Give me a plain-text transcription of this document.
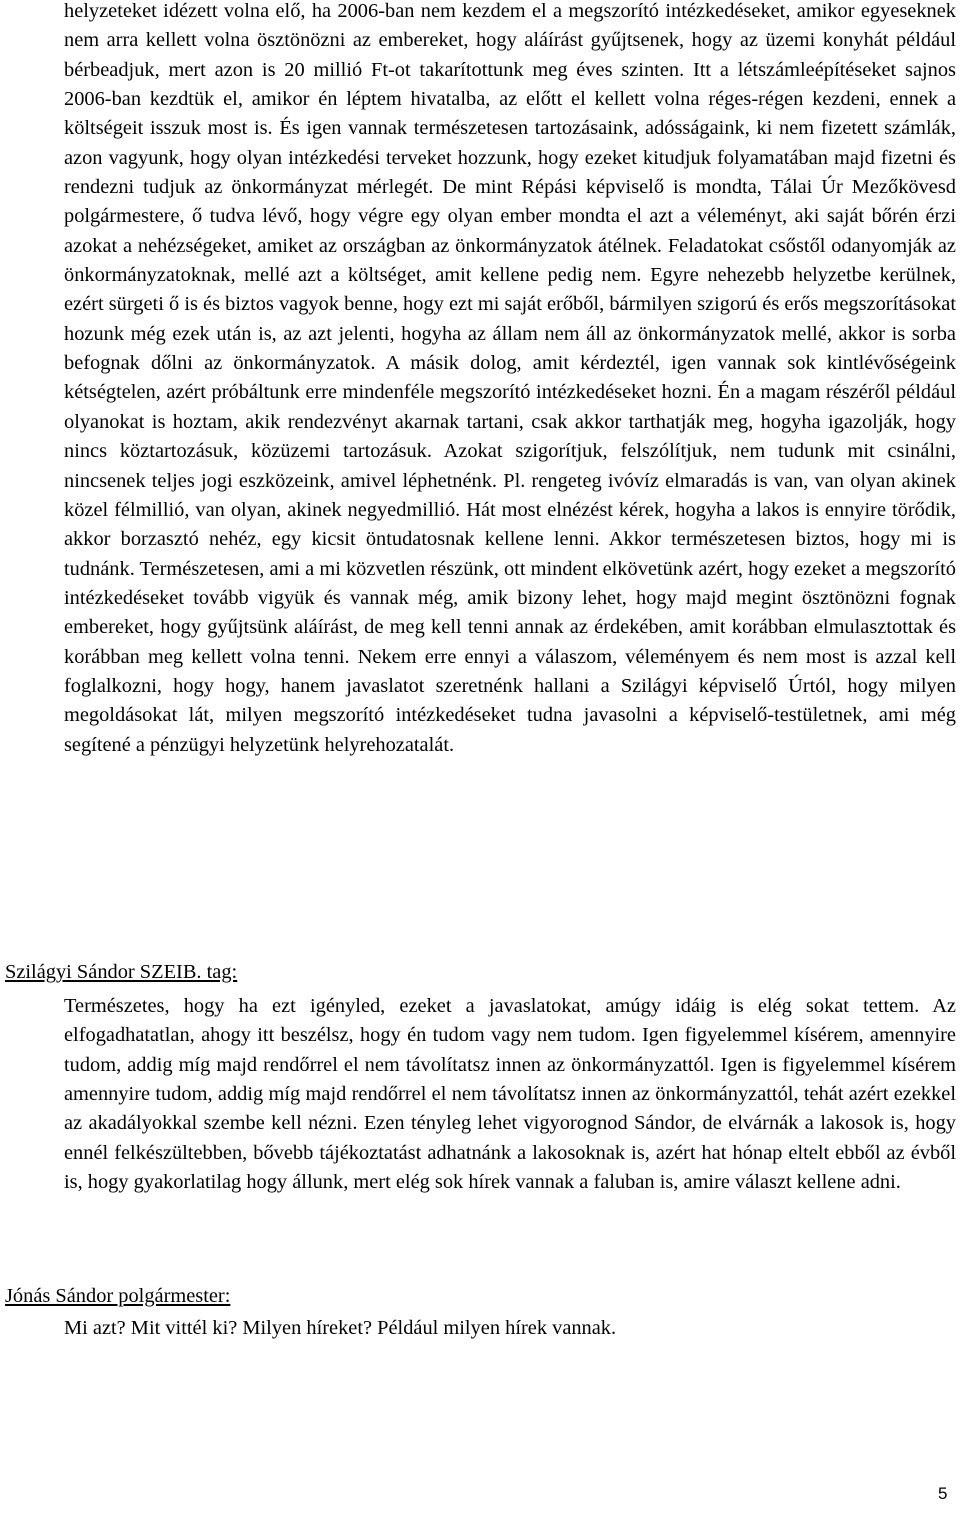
helyzeteket idézett volna elő, ha 2006-ban nem kezdem el a megszorító intézkedéseket, amikor egyeseknek nem arra kellett volna ösztönözni az embereket, hogy aláírást gyűjtsenek, hogy az üzemi konyhát például bérbeadjuk, mert azon is 20 millió Ft-ot takarítottunk meg éves szinten. Itt a létszámleépítéseket sajnos 2006-ban kezdtük el, amikor én léptem hivatalba, az előtt el kellett volna réges-régen kezdeni, ennek a költségeit isszuk most is. És igen vannak természetesen tartozásaink, adósságaink, ki nem fizetett számlák, azon vagyunk, hogy olyan intézkedési terveket hozzunk, hogy ezeket kitudjuk folyamatában majd fizetni és rendezni tudjuk az önkormányzat mérlegét. De mint Répási képviselő is mondta, Tálai Úr Mezőkövesd polgármestere, ő tudva lévő, hogy végre egy olyan ember mondta el azt a véleményt, aki saját bőrén érzi azokat a nehézségeket, amiket az országban az önkormányzatok átélnek. Feladatokat csőstől odanyomják az önkormányzatoknak, mellé azt a költséget, amit kellene pedig nem. Egyre nehezebb helyzetbe kerülnek, ezért sürgeti ő is és biztos vagyok benne, hogy ezt mi saját erőből, bármilyen szigorú és erős megszorításokat hozunk még ezek után is, az azt jelenti, hogyha az állam nem áll az önkormányzatok mellé, akkor is sorba befognak dőlni az önkormányzatok. A másik dolog, amit kérdeztél, igen vannak sok kintlévőségeink kétségtelen, azért próbáltunk erre mindenféle megszorító intézkedéseket hozni. Én a magam részéről például olyanokat is hoztam, akik rendezvényt akarnak tartani, csak akkor tarthatják meg, hogyha igazolják, hogy nincs köztartozásuk, közüzemi tartozásuk. Azokat szigorítjuk, felszólítjuk, nem tudunk mit csinálni, nincsenek teljes jogi eszközeink, amivel léphetnénk. Pl. rengeteg ivóvíz elmaradás is van, van olyan akinek közel félmillió, van olyan, akinek negyedmillió. Hát most elnézést kérek, hogyha a lakos is ennyire törődik, akkor borzasztó nehéz, egy kicsit öntudatosnak kellene lenni. Akkor természetesen biztos, hogy mi is tudnánk. Természetesen, ami a mi közvetlen részünk, ott mindent elkövetünk azért, hogy ezeket a megszorító intézkedéseket tovább vigyük és vannak még, amik bizony lehet, hogy majd megint ösztönözni fognak embereket, hogy gyűjtsünk aláírást, de meg kell tenni annak az érdekében, amit korábban elmulasztottak és korábban meg kellett volna tenni. Nekem erre ennyi a válaszom, véleményem és nem most is azzal kell foglalkozni, hogy hogy, hanem javaslatot szeretnénk hallani a Szilágyi képviselő Úrtól, hogy milyen megoldásokat lát, milyen megszorító intézkedéseket tudna javasolni a képviselő-testületnek, ami még segítené a pénzügyi helyzetünk helyrehozatalát.

Szilágyi Sándor SZEIB. tag:

Természetes, hogy ha ezt igényled, ezeket a javaslatokat, amúgy idáig is elég sokat tettem. Az elfogadhatatlan, ahogy itt beszélsz, hogy én tudom vagy nem tudom. Igen figyelemmel kísérem, amennyire tudom, addig míg majd rendőrrel el nem távolítatsz innen az önkormányzattól. Igen is figyelemmel kísérem amennyire tudom, addig míg majd rendőrrel el nem távolítatsz innen az önkormányzattól, tehát azért ezekkel az akadályokkal szembe kell nézni. Ezen tényleg lehet vigyorognod Sándor, de elvárnák a lakosok is, hogy ennél felkészültebben, bővebb tájékoztatást adhatnánk a lakosoknak is, azért hat hónap eltelt ebből az évből is, hogy gyakorlatilag hogy állunk, mert elég sok hírek vannak a faluban is, amire választ kellene adni.

Jónás Sándor polgármester:

Mi azt? Mit vittél ki? Milyen híreket? Például milyen hírek vannak.

5
